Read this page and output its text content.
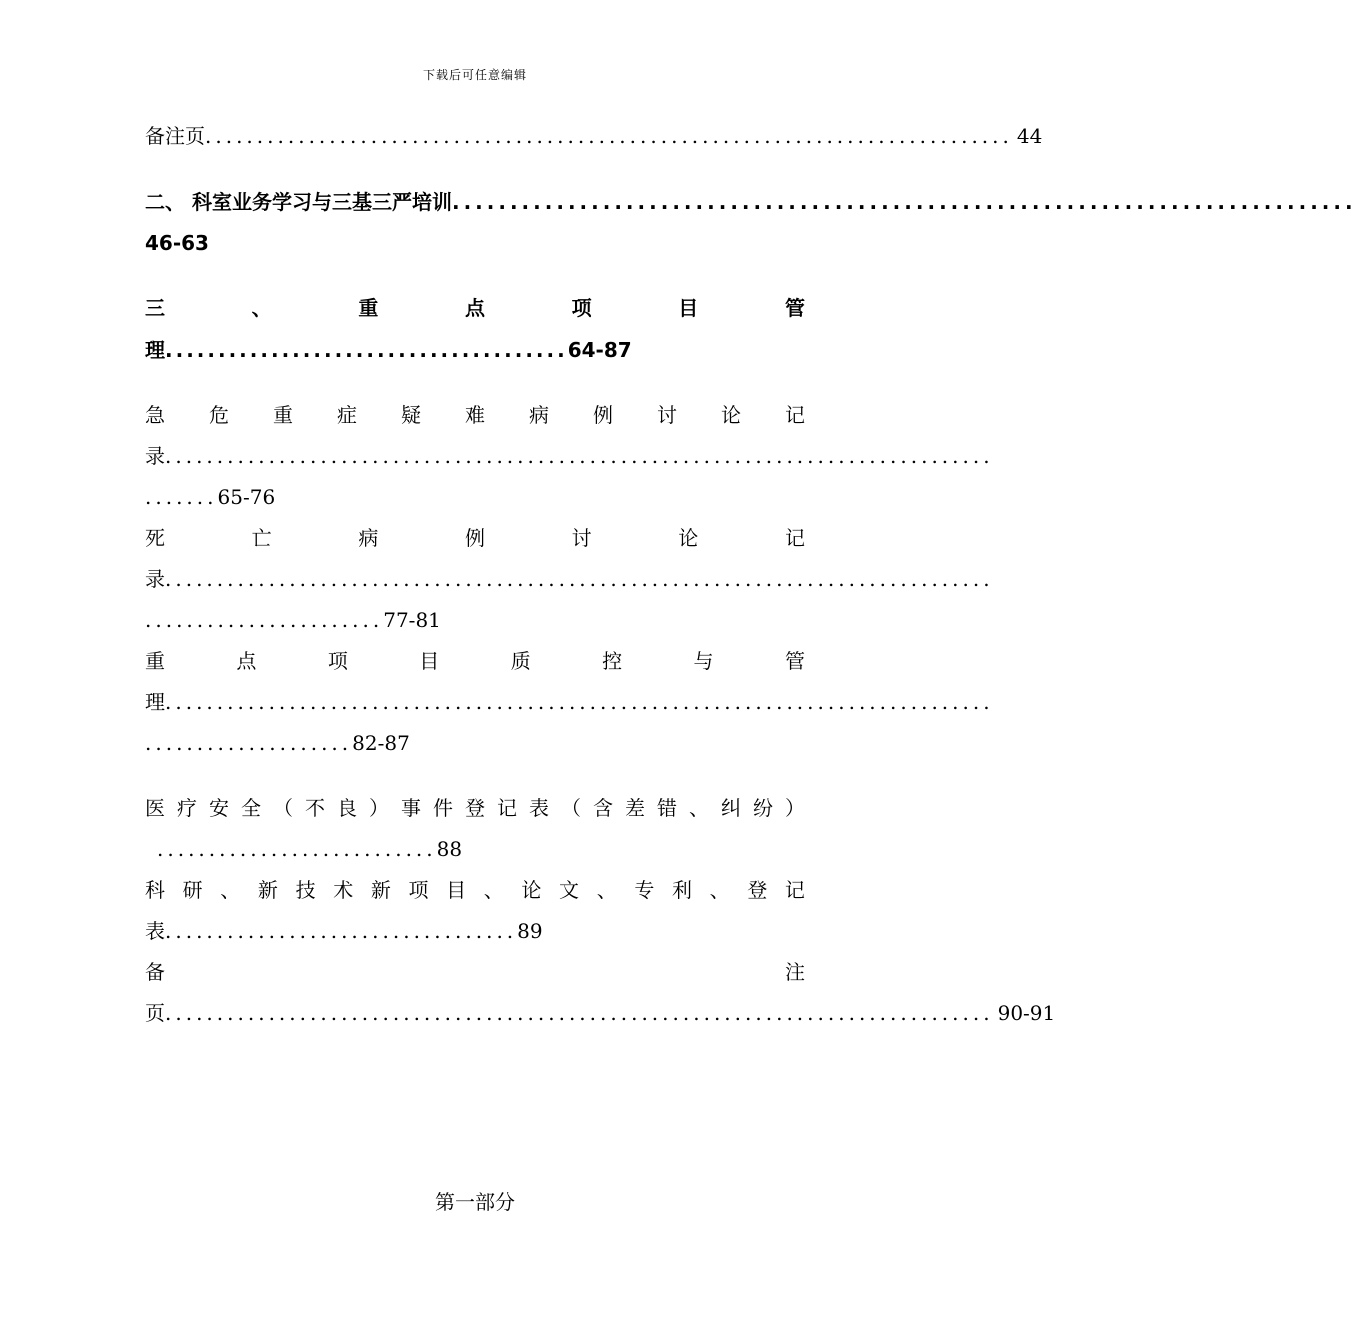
下载后可任意编辑
备注页 .............................................................................. 44
二、 科室业务学习与三基三严培训 ..............................................................................
46-63
三	、	重	点	项	目	管
理......................................64-87
急 危 重 症 疑 难 病 例 讨 论 记
录 ................................................................................
.......65-76
死	亡	病	例	讨	论	记
录 ................................................................................
.......................77-81
重	点	项	目	质	控	与	管
理 ................................................................................
....................82-87
医 疗 安 全 （ 不 良 ） 事 件 登 记 表 （ 含 差 错 、 纠 纷 ）
...........................88
科 研 、 新 技 术 新 项 目 、 论 文 、 专 利 、 登 记
表..................................89
备	注
页 ................................................................................ 90-91
第一部分
